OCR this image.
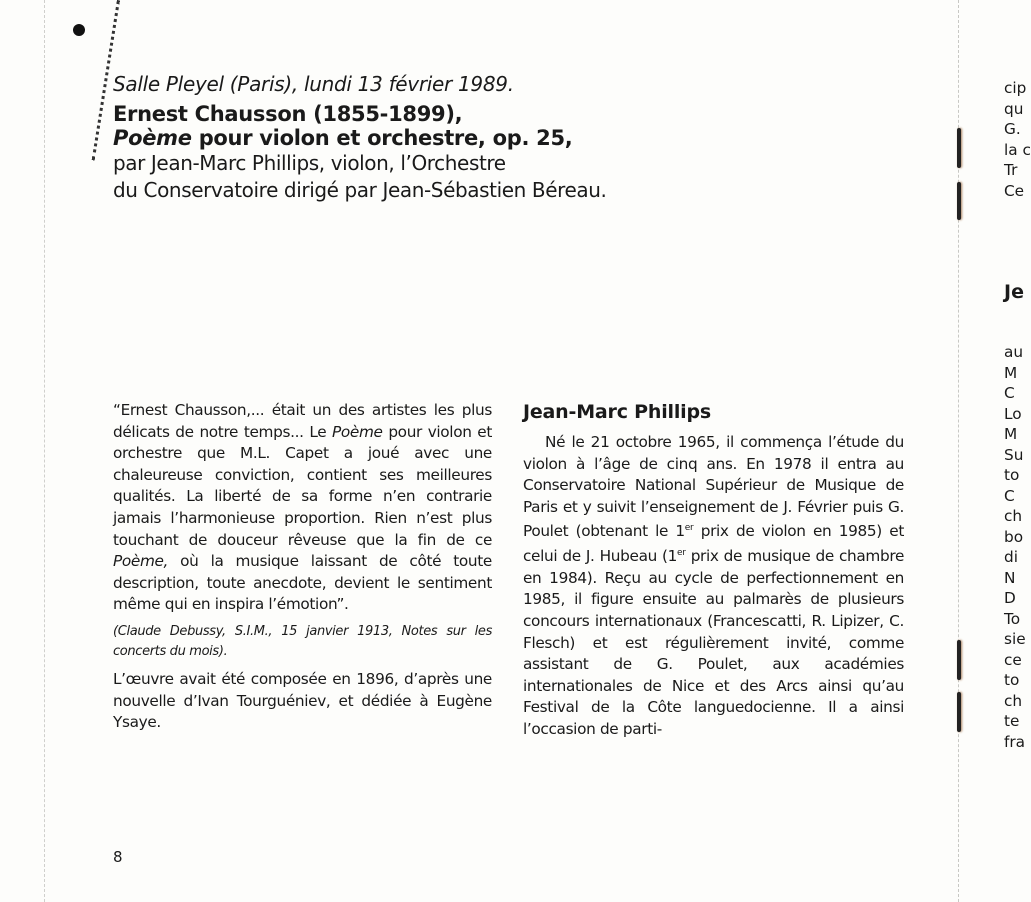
Salle Pleyel (Paris), lundi 13 février 1989.

Ernest Chausson (1855-1899),

Poème pour violon et orchestre, op. 25,

par Jean-Marc Phillips, violon, l’Orchestre

du Conservatoire dirigé par Jean-Sébastien Béreau.

“Ernest Chausson,... était un des artistes les plus délicats de notre temps... Le Poème pour violon et orchestre que M.L. Capet a joué avec une chaleureuse conviction, contient ses meilleures qualités. La liberté de sa forme n’en contrarie jamais l’harmonieuse proportion. Rien n’est plus touchant de douceur rêveuse que la fin de ce Poème, où la musique laissant de côté toute description, toute anecdote, devient le sentiment même qui en inspira l’émotion”.

(Claude Debussy, S.I.M., 15 janvier 1913, Notes sur les concerts du mois).

L’œuvre avait été composée en 1896, d’après une nouvelle d’Ivan Tourguéniev, et dédiée à Eugène Ysaye.

Jean-Marc Phillips

Né le 21 octobre 1965, il commença l’étude du violon à l’âge de cinq ans. En 1978 il entra au Conservatoire National Supérieur de Musique de Paris et y suivit l’enseignement de J. Février puis G. Poulet (obtenant le 1er prix de violon en 1985) et celui de J. Hubeau (1er prix de musique de chambre en 1984). Reçu au cycle de perfectionnement en 1985, il figure ensuite au palmarès de plusieurs concours internationaux (Francescatti, R. Lipizer, C. Flesch) et est régulièrement invité, comme assistant de G. Poulet, aux académies internationales de Nice et des Arcs ainsi qu’au Festival de la Côte languedocienne. Il a ainsi l’occasion de parti-

8
cip
qu
G.
la c
Tr
Ce
Je
au
M
C
Lo
M
Su
to
C
ch
bo
di
N
D
To
sie
ce
to
ch
te
fra
